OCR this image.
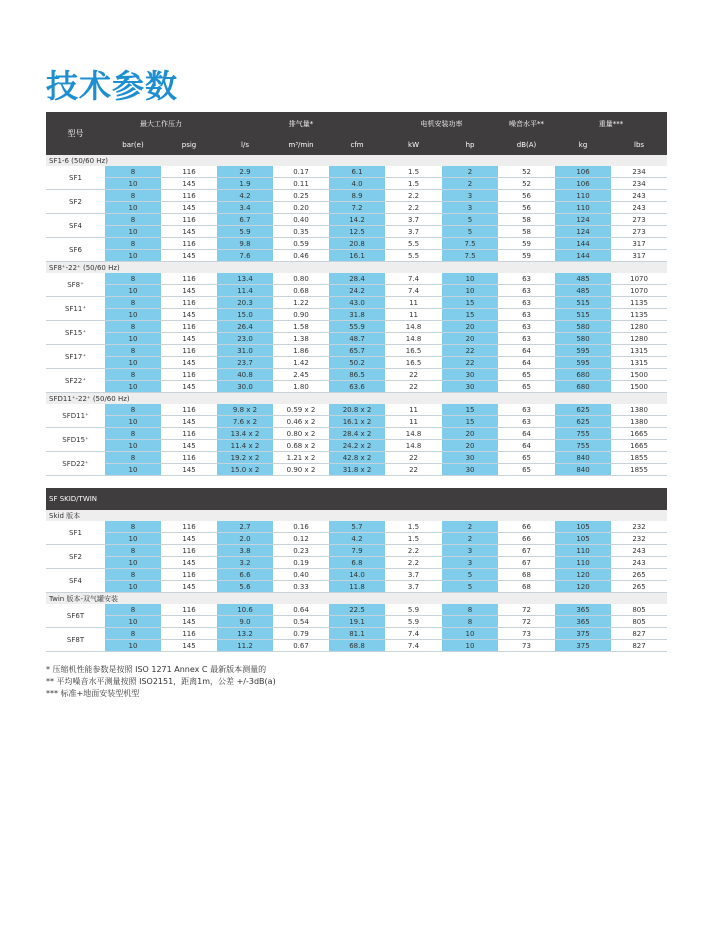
技术参数
型号	最大工作压力		排气量*			电机安装功率		噪音水平**	重量***	
	bar(e)	psig	l/s	m³/min	cfm	kW	hp	dB(A)	kg	lbs
SF1-6 (50/60 Hz)										
SF1	8	116	2.9	0.17	6.1	1.5	2	52	106	234
	10	145	1.9	0.11	4.0	1.5	2	52	106	234
SF2	8	116	4.2	0.25	8.9	2.2	3	56	110	243
	10	145	3.4	0.20	7.2	2.2	3	56	110	243
SF4	8	116	6.7	0.40	14.2	3.7	5	58	124	273
	10	145	5.9	0.35	12.5	3.7	5	58	124	273
SF6	8	116	9.8	0.59	20.8	5.5	7.5	59	144	317
	10	145	7.6	0.46	16.1	5.5	7.5	59	144	317
SF8⁺-22⁺ (50/60 Hz)										
SF8⁺	8	116	13.4	0.80	28.4	7.4	10	63	485	1070
	10	145	11.4	0.68	24.2	7.4	10	63	485	1070
SF11⁺	8	116	20.3	1.22	43.0	11	15	63	515	1135
	10	145	15.0	0.90	31.8	11	15	63	515	1135
SF15⁺	8	116	26.4	1.58	55.9	14.8	20	63	580	1280
	10	145	23.0	1.38	48.7	14.8	20	63	580	1280
SF17⁺	8	116	31.0	1.86	65.7	16.5	22	64	595	1315
	10	145	23.7	1.42	50.2	16.5	22	64	595	1315
SF22⁺	8	116	40.8	2.45	86.5	22	30	65	680	1500
	10	145	30.0	1.80	63.6	22	30	65	680	1500
SFD11⁺-22⁺ (50/60 Hz)										
SFD11⁺	8	116	9.8 x 2	0.59 x 2	20.8 x 2	11	15	63	625	1380
	10	145	7.6 x 2	0.46 x 2	16.1 x 2	11	15	63	625	1380
SFD15⁺	8	116	13.4 x 2	0.80 x 2	28.4 x 2	14.8	20	64	755	1665
	10	145	11.4 x 2	0.68 x 2	24.2 x 2	14.8	20	64	755	1665
SFD22⁺	8	116	19.2 x 2	1.21 x 2	42.8 x 2	22	30	65	840	1855
	10	145	15.0 x 2	0.90 x 2	31.8 x 2	22	30	65	840	1855
SF SKID/TWIN										
Skid 版本										
SF1	8	116	2.7	0.16	5.7	1.5	2	66	105	232
	10	145	2.0	0.12	4.2	1.5	2	66	105	232
SF2	8	116	3.8	0.23	7.9	2.2	3	67	110	243
	10	145	3.2	0.19	6.8	2.2	3	67	110	243
SF4	8	116	6.6	0.40	14.0	3.7	5	68	120	265
	10	145	5.6	0.33	11.8	3.7	5	68	120	265
Twin 版本-双气罐安装										
SF6T	8	116	10.6	0.64	22.5	5.9	8	72	365	805
	10	145	9.0	0.54	19.1	5.9	8	72	365	805
SF8T	8	116	13.2	0.79	81.1	7.4	10	73	375	827
	10	145	11.2	0.67	68.8	7.4	10	73	375	827
* 压缩机性能参数是按照 ISO 1271 Annex C 最新版本测量的
** 平均噪音水平测量按照 ISO2151，距离1m，公差 +/-3dB(a)
*** 标准+地面安装型机型
